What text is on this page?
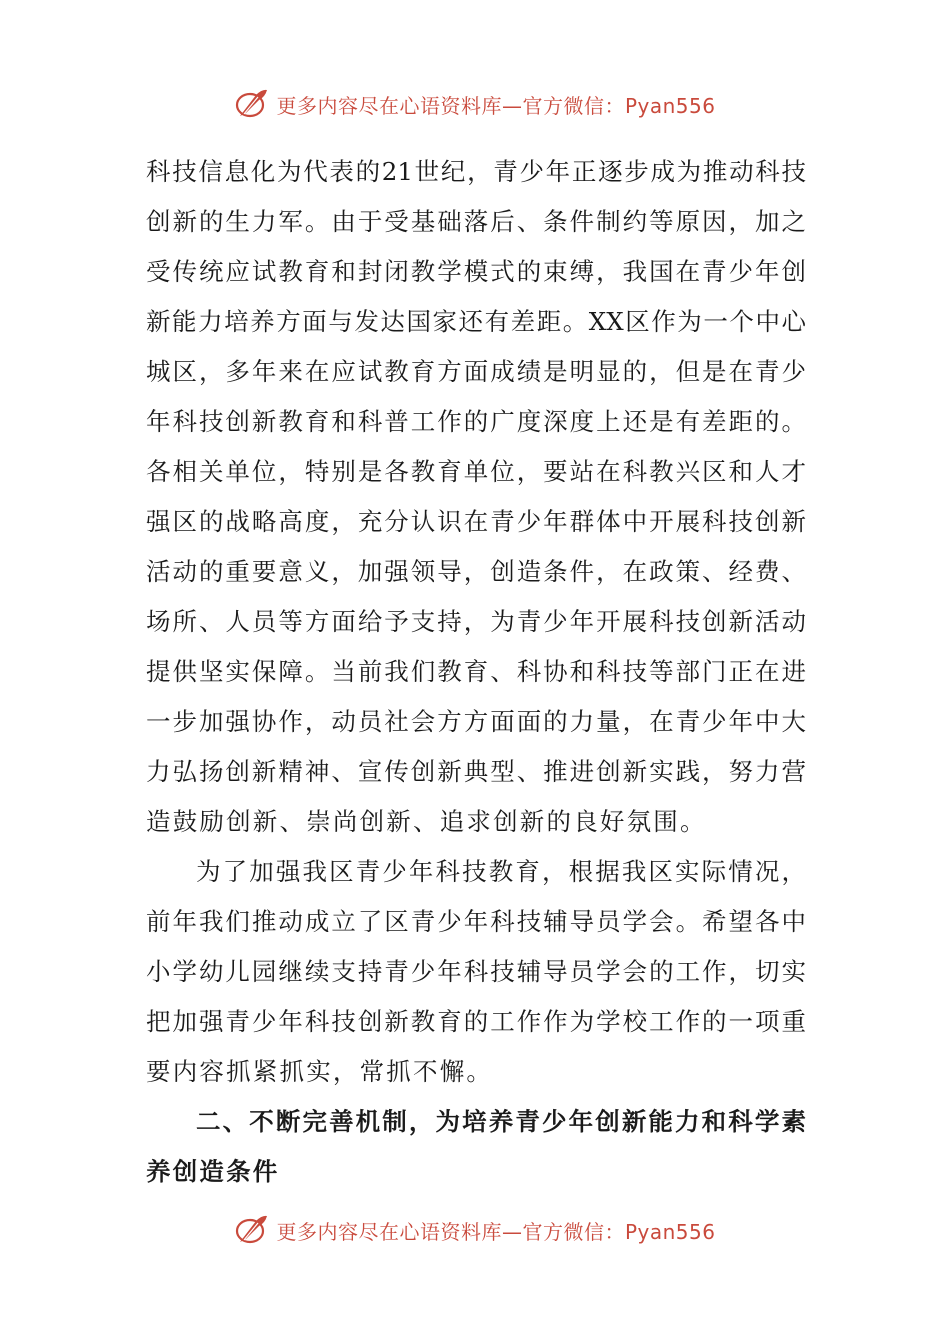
更多内容尽在心语资料库—官方微信：Pyan556
科技信息化为代表的21世纪，青少年正逐步成为推动科技
创新的生力军。由于受基础落后、条件制约等原因，加之
受传统应试教育和封闭教学模式的束缚，我国在青少年创
新能力培养方面与发达国家还有差距。XX区作为一个中心
城区，多年来在应试教育方面成绩是明显的，但是在青少
年科技创新教育和科普工作的广度深度上还是有差距的。
各相关单位，特别是各教育单位，要站在科教兴区和人才
强区的战略高度，充分认识在青少年群体中开展科技创新
活动的重要意义，加强领导，创造条件，在政策、经费、
场所、人员等方面给予支持，为青少年开展科技创新活动
提供坚实保障。当前我们教育、科协和科技等部门正在进
一步加强协作，动员社会方方面面的力量，在青少年中大
力弘扬创新精神、宣传创新典型、推进创新实践，努力营
造鼓励创新、崇尚创新、追求创新的良好氛围。
为了加强我区青少年科技教育，根据我区实际情况，
前年我们推动成立了区青少年科技辅导员学会。希望各中
小学幼儿园继续支持青少年科技辅导员学会的工作，切实
把加强青少年科技创新教育的工作作为学校工作的一项重
要内容抓紧抓实，常抓不懈。
二、不断完善机制，为培养青少年创新能力和科学素
养创造条件
更多内容尽在心语资料库—官方微信：Pyan556
